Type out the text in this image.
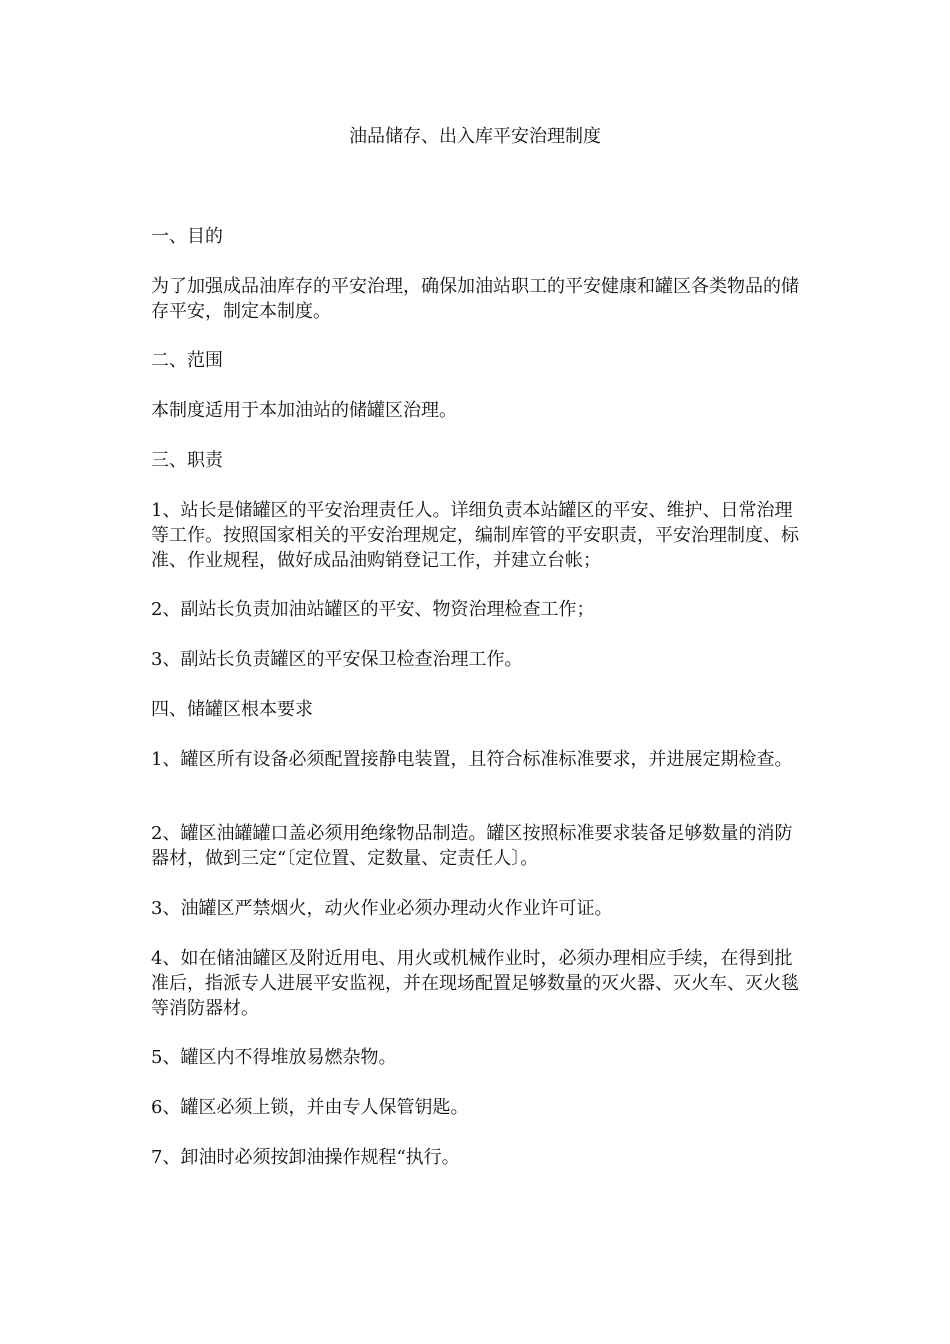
油品储存、出入库平安治理制度

一、目的

为了加强成品油库存的平安治理，确保加油站职工的平安健康和罐区各类物品的储存平安，制定本制度。

二、范围

本制度适用于本加油站的储罐区治理。

三、职责

1、站长是储罐区的平安治理责任人。详细负责本站罐区的平安、维护、日常治理等工作。按照国家相关的平安治理规定，编制库管的平安职责，平安治理制度、标准、作业规程，做好成品油购销登记工作，并建立台帐；

2、副站长负责加油站罐区的平安、物资治理检查工作；

3、副站长负责罐区的平安保卫检查治理工作。

四、储罐区根本要求

1、罐区所有设备必须配置接静电装置，且符合标准标准要求，并进展定期检查。

2、罐区油罐罐口盖必须用绝缘物品制造。罐区按照标准要求装备足够数量的消防器材，做到三定“〔定位置、定数量、定责任人〕。

3、油罐区严禁烟火，动火作业必须办理动火作业许可证。

4、如在储油罐区及附近用电、用火或机械作业时，必须办理相应手续，在得到批准后，指派专人进展平安监视，并在现场配置足够数量的灭火器、灭火车、灭火毯等消防器材。

5、罐区内不得堆放易燃杂物。

6、罐区必须上锁，并由专人保管钥匙。

7、卸油时必须按卸油操作规程“执行。
